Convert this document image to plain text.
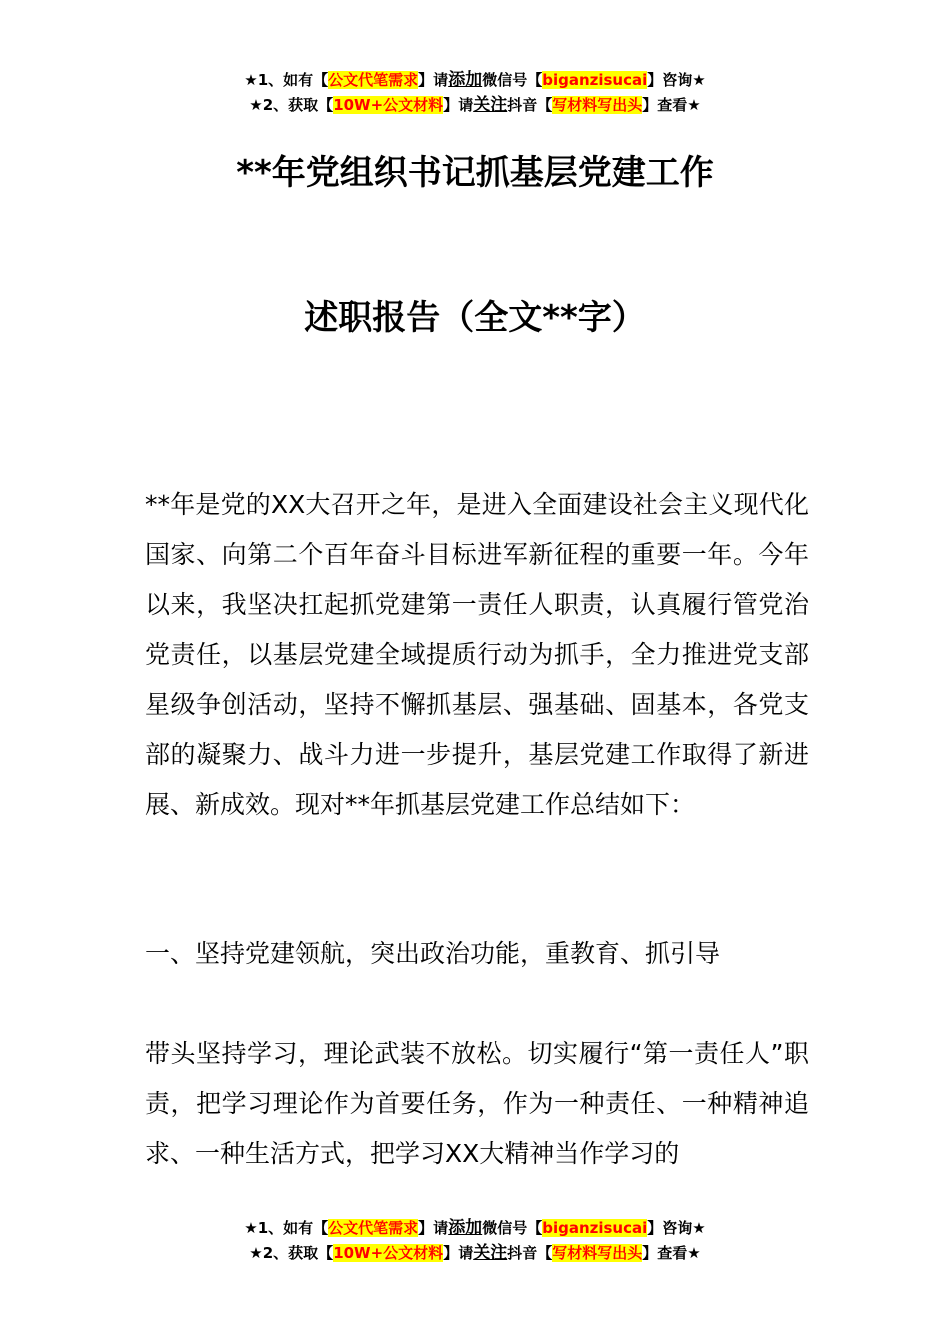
★1、如有【公文代笔需求】请添加微信号【biganzisucai】咨询★
★2、获取【10W+公文材料】请关注抖音【写材料写出头】查看★
**年党组织书记抓基层党建工作
述职报告（全文**字）

**年是党的XX大召开之年，是进入全面建设社会主义现代化国家、向第二个百年奋斗目标进军新征程的重要一年。今年以来，我坚决扛起抓党建第一责任人职责，认真履行管党治党责任，以基层党建全域提质行动为抓手，全力推进党支部星级争创活动，坚持不懈抓基层、强基础、固基本，各党支部的凝聚力、战斗力进一步提升，基层党建工作取得了新进展、新成效。现对**年抓基层党建工作总结如下：

一、坚持党建领航，突出政治功能，重教育、抓引导

带头坚持学习，理论武装不放松。切实履行“第一责任人”职责，把学习理论作为首要任务，作为一种责任、一种精神追求、一种生活方式，把学习XX大精神当作学习的

★1、如有【公文代笔需求】请添加微信号【biganzisucai】咨询★
★2、获取【10W+公文材料】请关注抖音【写材料写出头】查看★
